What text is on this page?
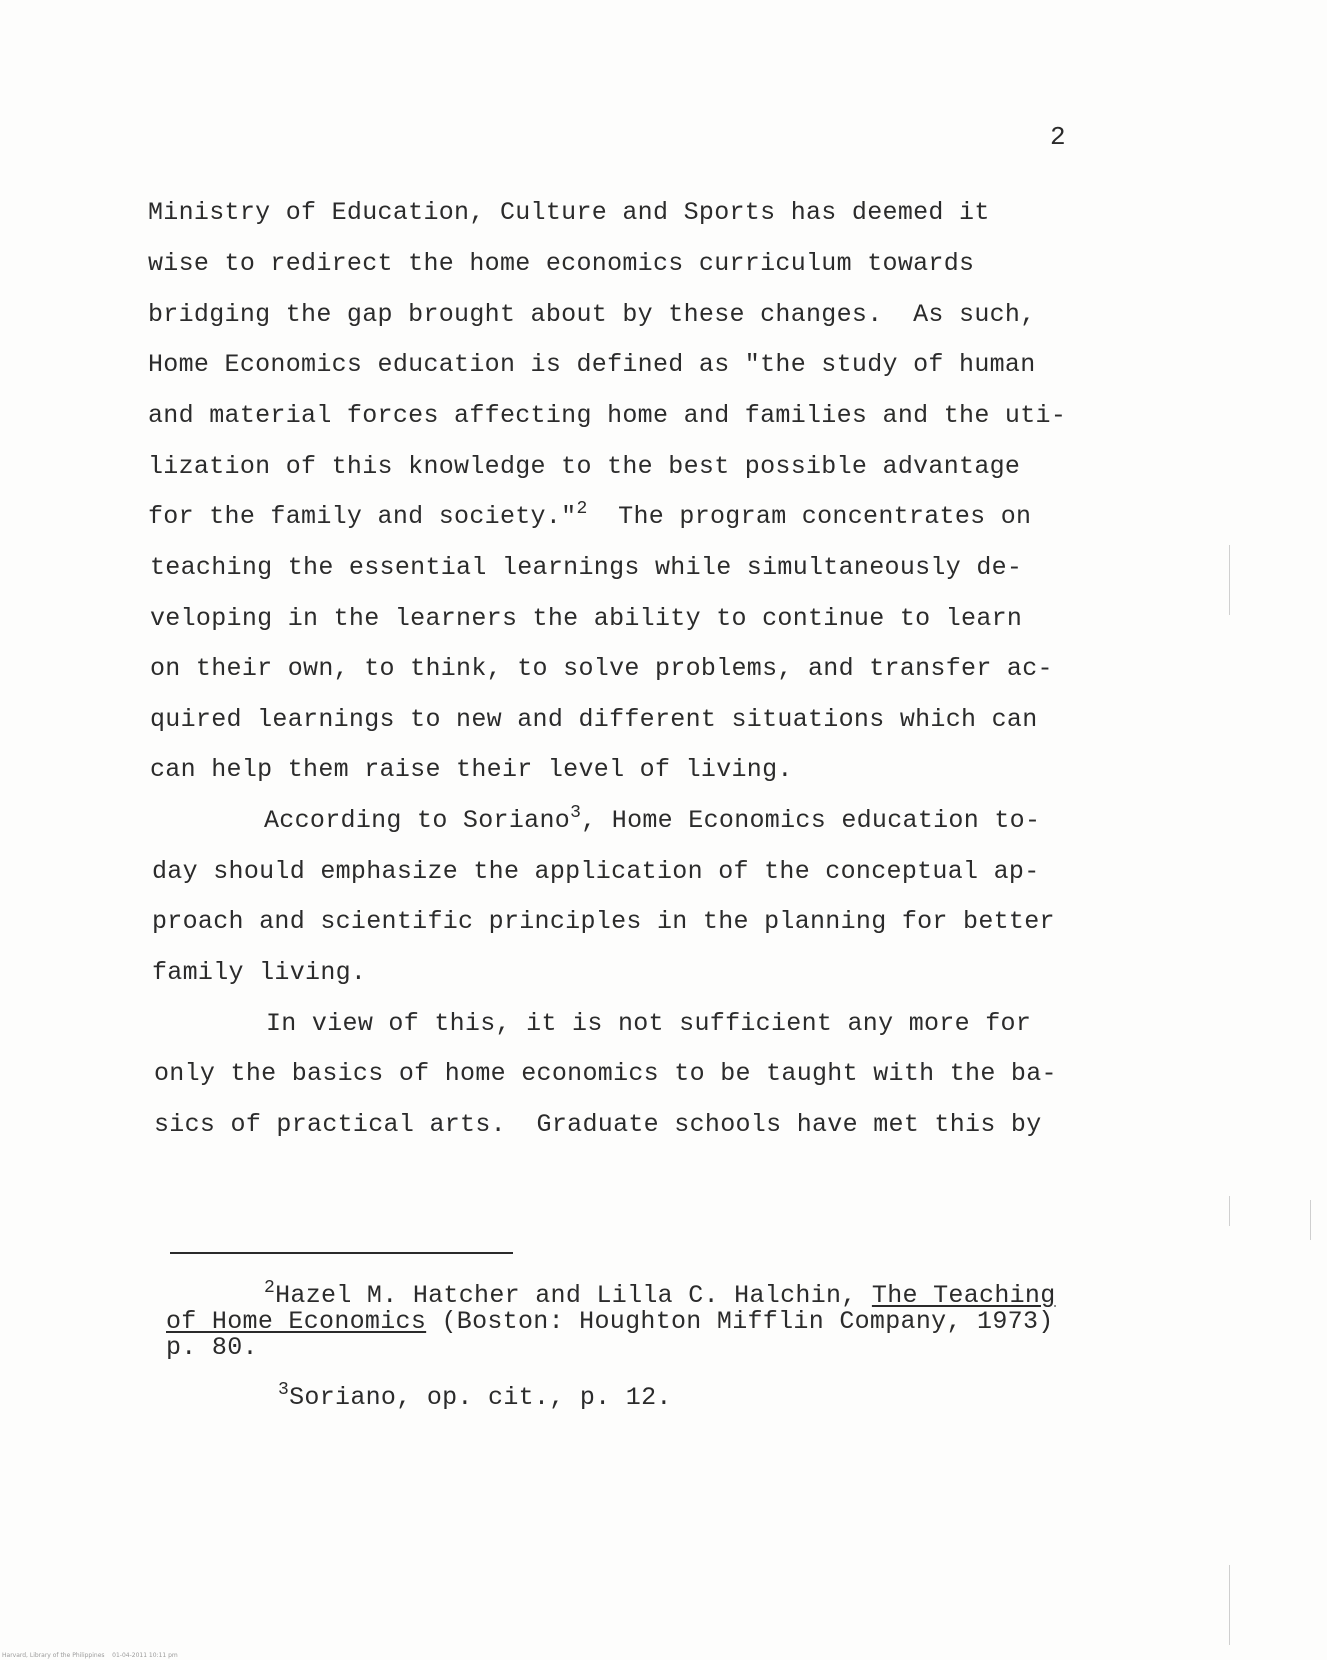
2
Ministry of Education, Culture and Sports has deemed it
wise to redirect the home economics curriculum towards
bridging the gap brought about by these changes.  As such,
Home Economics education is defined as "the study of human
and material forces affecting home and families and the uti-
lization of this knowledge to the best possible advantage
for the family and society."$^2$  The program concentrates on
teaching the essential learnings while simultaneously de-
veloping in the learners the ability to continue to learn
on their own, to think, to solve problems, and transfer ac-
quired learnings to new and different situations which can
can help them raise their level of living.
According to Soriano$^3$, Home Economics education to-
day should emphasize the application of the conceptual ap-
proach and scientific principles in the planning for better
family living.
In view of this, it is not sufficient any more for
only the basics of home economics to be taught with the ba-
sics of practical arts.  Graduate schools have met this by
$^2$Hazel M. Hatcher and Lilla C. Halchin, The Teaching
of Home Economics (Boston: Houghton Mifflin Company, 1973)
p. 80.
$^3$Soriano, op. cit., p. 12.
Harvard, Library of the Philippines    01-04-2011 10:11 pm
